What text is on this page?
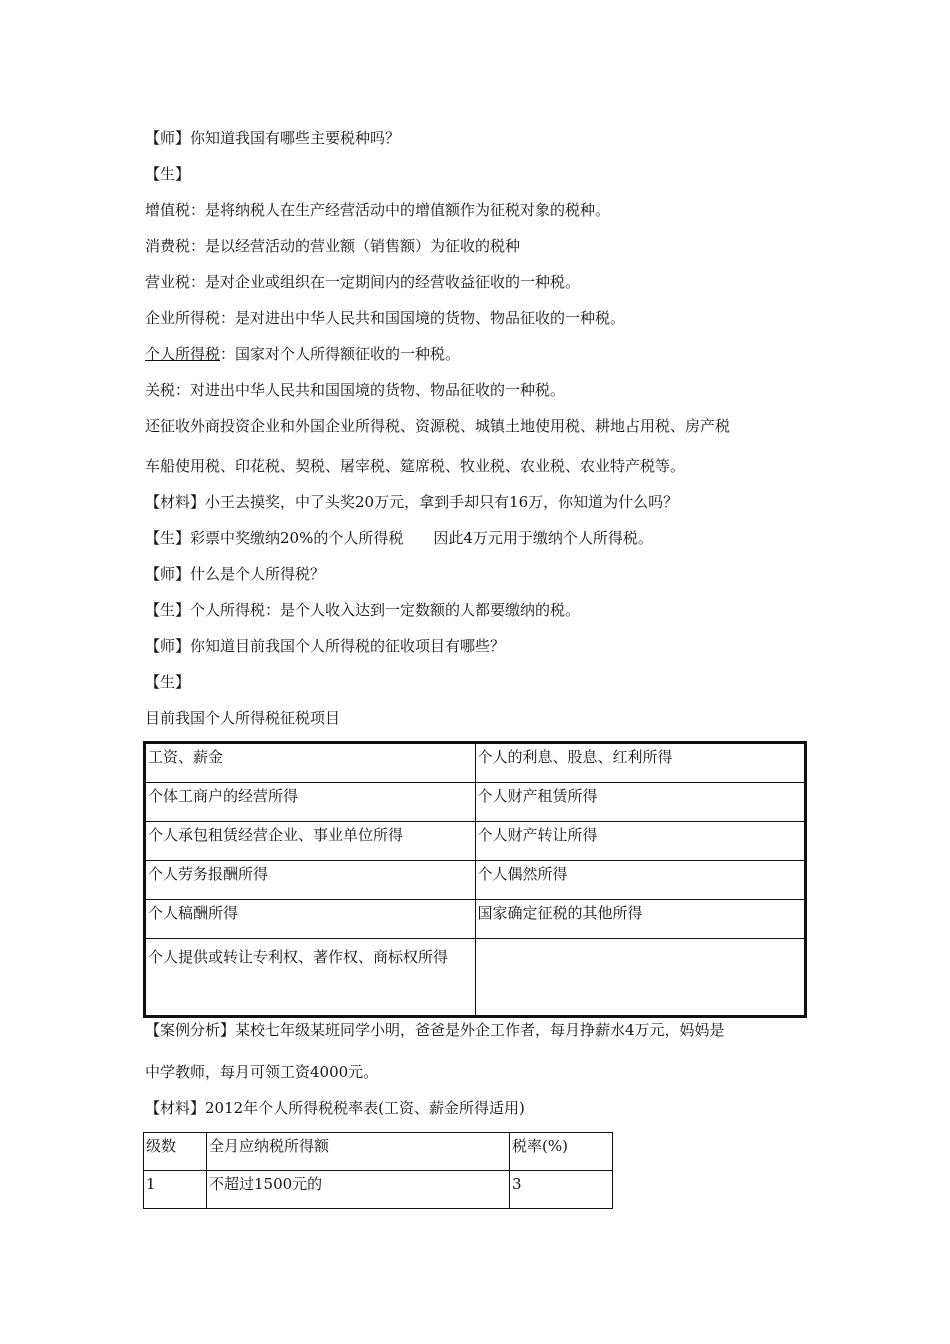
【师】你知道我国有哪些主要税种吗？
【生】
增值税：是将纳税人在生产经营活动中的增值额作为征税对象的税种。
消费税：是以经营活动的营业额（销售额）为征收的税种
营业税：是对企业或组织在一定期间内的经营收益征收的一种税。
企业所得税：是对进出中华人民共和国国境的货物、物品征收的一种税。
个人所得税：国家对个人所得额征收的一种税。
关税：对进出中华人民共和国国境的货物、物品征收的一种税。
还征收外商投资企业和外国企业所得税、资源税、城镇土地使用税、耕地占用税、房产税
车船使用税、印花税、契税、屠宰税、筵席税、牧业税、农业税、农业特产税等。
【材料】小王去摸奖，中了头奖20万元，拿到手却只有16万，你知道为什么吗？
【生】彩票中奖缴纳20%的个人所得税　　因此4万元用于缴纳个人所得税。
【师】什么是个人所得税？
【生】个人所得税：是个人收入达到一定数额的人都要缴纳的税。
【师】你知道目前我国个人所得税的征收项目有哪些？
【生】
目前我国个人所得税征税项目
工资、薪金	个人的利息、股息、红利所得
个体工商户的经营所得	个人财产租赁所得
个人承包租赁经营企业、事业单位所得	个人财产转让所得
个人劳务报酬所得	个人偶然所得
个人稿酬所得	国家确定征税的其他所得
个人提供或转让专利权、著作权、商标权所得	
【案例分析】某校七年级某班同学小明，爸爸是外企工作者，每月挣薪水4万元，妈妈是
中学教师，每月可领工资4000元。
【材料】2012年个人所得税税率表(工资、薪金所得适用)
级数	全月应纳税所得额	税率(%)
1	不超过1500元的	3
